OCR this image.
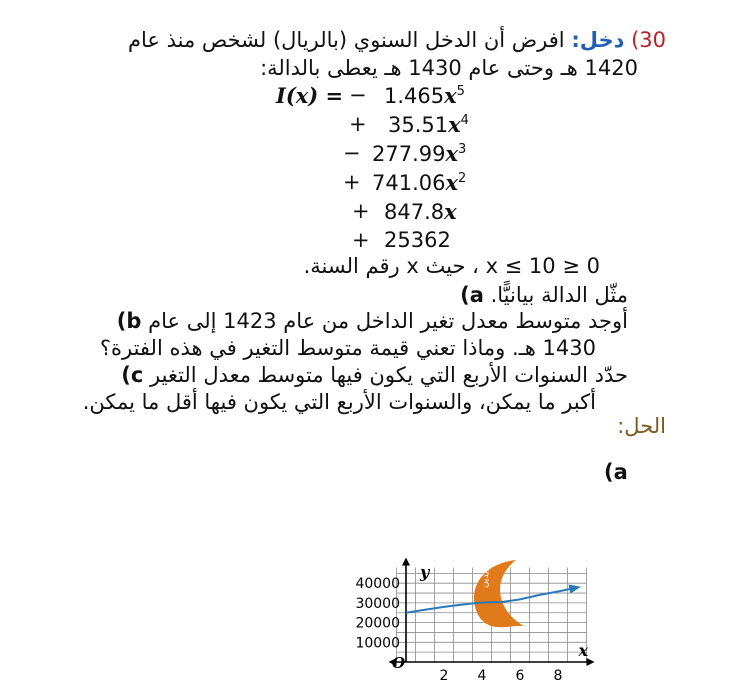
30) دخل: افرض أن الدخل السنوي (بالريال) لشخص منذ عام
1420 هـ وحتى عام 1430 هـ يعطى بالدالة:
I(x) = − $1.465x^5$
+ $35.51x^4$
− $277.99x^3$
+ $741.06x^2$
+ 847.8x
+ 25362
0 ≤ x ≤ 10 ، حيث x رقم السنة.
مثّل الدالة بيانيًّا. a)
أوجد متوسط معدل تغير الداخل من عام 1423 إلى عام b)
1430 هـ. وماذا تعني قيمة متوسط التغير في هذه الفترة؟
حدّد السنوات الأربع التي يكون فيها متوسط معدل التغير c)
أكبر ما يمكن، والسنوات الأربع التي يكون فيها أقل ما يمكن.
الحل:
(a
الدين
x
y
O
2 4 6 8
10000
20000
30000
40000
